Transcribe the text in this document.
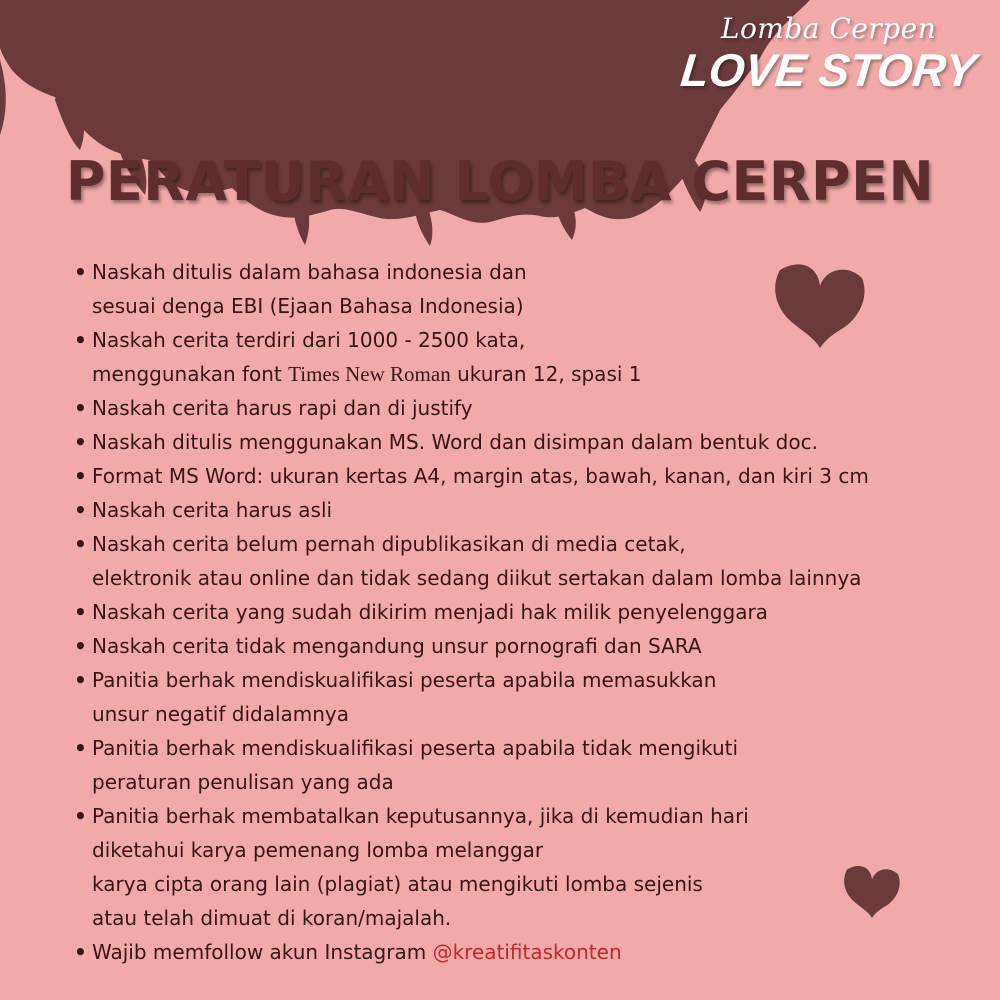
Lomba Cerpen
LOVE STORY
PERATURAN LOMBA CERPEN
• Naskah ditulis dalam bahasa indonesia dan
sesuai denga EBI (Ejaan Bahasa Indonesia)
• Naskah cerita terdiri dari 1000 - 2500 kata,
menggunakan font Times New Roman ukuran 12, spasi 1
• Naskah cerita harus rapi dan di justify
• Naskah ditulis menggunakan MS. Word dan disimpan dalam bentuk doc.
• Format MS Word: ukuran kertas A4, margin atas, bawah, kanan, dan kiri 3 cm
• Naskah cerita harus asli
• Naskah cerita belum pernah dipublikasikan di media cetak,
elektronik atau online dan tidak sedang diikut sertakan dalam lomba lainnya
• Naskah cerita yang sudah dikirim menjadi hak milik penyelenggara
• Naskah cerita tidak mengandung unsur pornografi dan SARA
• Panitia berhak mendiskualifikasi peserta apabila memasukkan
unsur negatif didalamnya
• Panitia berhak mendiskualifikasi peserta apabila tidak mengikuti
peraturan penulisan yang ada
• Panitia berhak membatalkan keputusannya, jika di kemudian hari
diketahui karya pemenang lomba melanggar
karya cipta orang lain (plagiat) atau mengikuti lomba sejenis
atau telah dimuat di koran/majalah.
• Wajib memfollow akun Instagram @kreatifitaskonten
